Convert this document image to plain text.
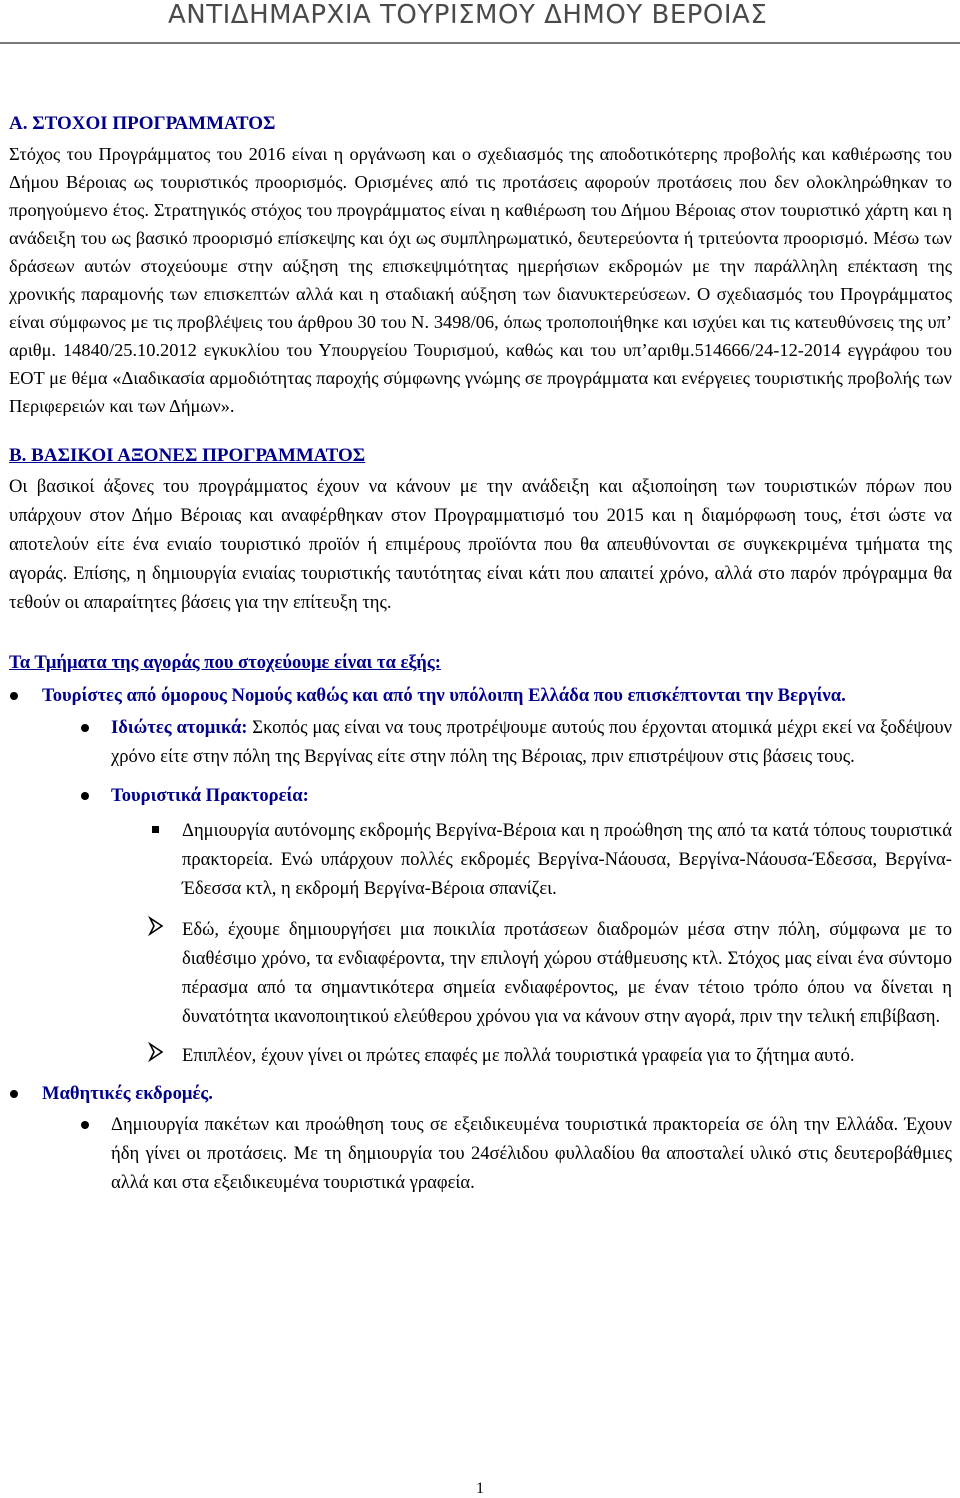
ΑΝΤΙΔΗΜΑΡΧΙΑ ΤΟΥΡΙΣΜΟΥ ΔΗΜΟΥ ΒΕΡΟΙΑΣ
Α. ΣΤΟΧΟΙ ΠΡΟΓΡΑΜΜΑΤΟΣ

Στόχος του Προγράμματος του 2016 είναι η οργάνωση και ο σχεδιασμός της αποδοτικότερης προβολής και καθιέρωσης του Δήμου Βέροιας ως τουριστικός προορισμός. Ορισμένες από τις προτάσεις αφορούν προτάσεις που δεν ολοκληρώθηκαν το προηγούμενο έτος. Στρατηγικός στόχος του προγράμματος είναι η καθιέρωση του Δήμου Βέροιας στον τουριστικό χάρτη και η ανάδειξη του ως βασικό προορισμό επίσκεψης και όχι ως συμπληρωματικό, δευτερεύοντα ή τριτεύοντα προορισμό. Μέσω των δράσεων αυτών στοχεύουμε στην αύξηση της επισκεψιμότητας ημερήσιων εκδρομών με την παράλληλη επέκταση της χρονικής παραμονής των επισκεπτών αλλά και η σταδιακή αύξηση των διανυκτερεύσεων. Ο σχεδιασμός του Προγράμματος είναι σύμφωνος με τις προβλέψεις του άρθρου 30 του Ν. 3498/06, όπως τροποποιήθηκε και ισχύει και τις κατευθύνσεις της υπ’ αριθμ. 14840/25.10.2012 εγκυκλίου του Υπουργείου Τουρισμού, καθώς και του υπ’αριθμ.514666/24-12-2014 εγγράφου του ΕΟΤ με θέμα «Διαδικασία αρμοδιότητας παροχής σύμφωνης γνώμης σε προγράμματα και ενέργειες τουριστικής προβολής των Περιφερειών και των Δήμων».

Β. ΒΑΣΙΚΟΙ ΑΞΟΝΕΣ ΠΡΟΓΡΑΜΜΑΤΟΣ

Οι βασικοί άξονες του προγράμματος έχουν να κάνουν με την ανάδειξη και αξιοποίηση των τουριστικών πόρων που υπάρχουν στον Δήμο Βέροιας και αναφέρθηκαν στον Προγραμματισμό του 2015 και η διαμόρφωση τους, έτσι ώστε να αποτελούν είτε ένα ενιαίο τουριστικό προϊόν ή επιμέρους προϊόντα που θα απευθύνονται σε συγκεκριμένα τμήματα της αγοράς. Επίσης, η δημιουργία ενιαίας τουριστικής ταυτότητας είναι κάτι που απαιτεί χρόνο, αλλά στο παρόν πρόγραμμα θα τεθούν οι απαραίτητες βάσεις για την επίτευξη της.

Τα Τμήματα της αγοράς που στοχεύουμε είναι τα εξής:

Τουρίστες από όμορους Νομούς καθώς και από την υπόλοιπη Ελλάδα που επισκέπτονται την Βεργίνα.

Ιδιώτες ατομικά: Σκοπός μας είναι να τους προτρέψουμε αυτούς που έρχονται ατομικά μέχρι εκεί να ξοδέψουν χρόνο είτε στην πόλη της Βεργίνας είτε στην πόλη της Βέροιας, πριν επιστρέψουν στις βάσεις τους.

Τουριστικά Πρακτορεία:

Δημιουργία αυτόνομης εκδρομής Βεργίνα-Βέροια και η προώθηση της από τα κατά τόπους τουριστικά πρακτορεία. Ενώ υπάρχουν πολλές εκδρομές Βεργίνα-Νάουσα, Βεργίνα-Νάουσα-Έδεσσα, Βεργίνα-Έδεσσα κτλ, η εκδρομή Βεργίνα-Βέροια σπανίζει.

Εδώ, έχουμε δημιουργήσει μια ποικιλία προτάσεων διαδρομών μέσα στην πόλη, σύμφωνα με το διαθέσιμο χρόνο, τα ενδιαφέροντα, την επιλογή χώρου στάθμευσης κτλ. Στόχος μας είναι ένα σύντομο πέρασμα από τα σημαντικότερα σημεία ενδιαφέροντος, με έναν τέτοιο τρόπο όπου να δίνεται η δυνατότητα ικανοποιητικού ελεύθερου χρόνου για να κάνουν στην αγορά, πριν την τελική επιβίβαση.

Επιπλέον, έχουν γίνει οι πρώτες επαφές με πολλά τουριστικά γραφεία για το ζήτημα αυτό.

Μαθητικές εκδρομές.

Δημιουργία πακέτων και προώθηση τους σε εξειδικευμένα τουριστικά πρακτορεία σε όλη την Ελλάδα. Έχουν ήδη γίνει οι προτάσεις. Με τη δημιουργία του 24σέλιδου φυλλαδίου θα αποσταλεί υλικό στις δευτεροβάθμιες αλλά και στα εξειδικευμένα τουριστικά γραφεία.

1
